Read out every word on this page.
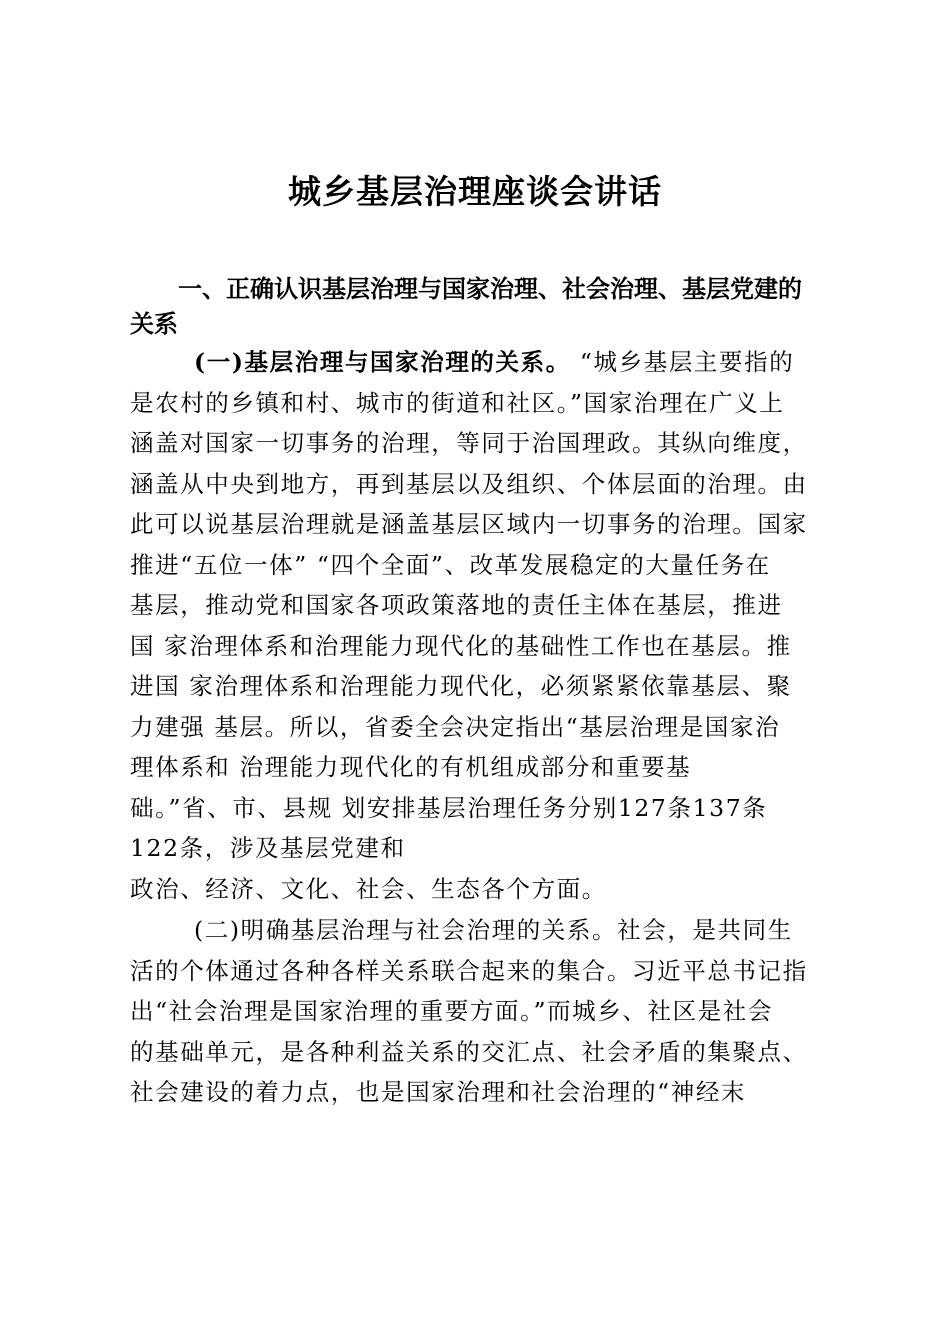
城乡基层治理座谈会讲话
一、正确认识基层治理与国家治理、社会治理、基层党建的
关系
(一)基层治理与国家治理的关系。 “城乡基层主要指的
是农村的乡镇和村、城市的街道和社区。”国家治理在广义上
涵盖对国家一切事务的治理，等同于治国理政。其纵向维度，
涵盖从中央到地方，再到基层以及组织、个体层面的治理。由
此可以说基层治理就是涵盖基层区域内一切事务的治理。国家
推进“五位一体” “四个全面”、改革发展稳定的大量任务在
基层，推动党和国家各项政策落地的责任主体在基层，推进
国 家治理体系和治理能力现代化的基础性工作也在基层。推
进国 家治理体系和治理能力现代化，必须紧紧依靠基层、聚
力建强 基层。所以，省委全会决定指出“基层治理是国家治
理体系和 治理能力现代化的有机组成部分和重要基
础。”省、市、县规 划安排基层治理任务分别127条137条
122条，涉及基层党建和
政治、经济、文化、社会、生态各个方面。
(二)明确基层治理与社会治理的关系。社会，是共同生
活的个体通过各种各样关系联合起来的集合。习近平总书记指
出“社会治理是国家治理的重要方面。”而城乡、社区是社会
的基础单元，是各种利益关系的交汇点、社会矛盾的集聚点、
社会建设的着力点，也是国家治理和社会治理的“神经末
